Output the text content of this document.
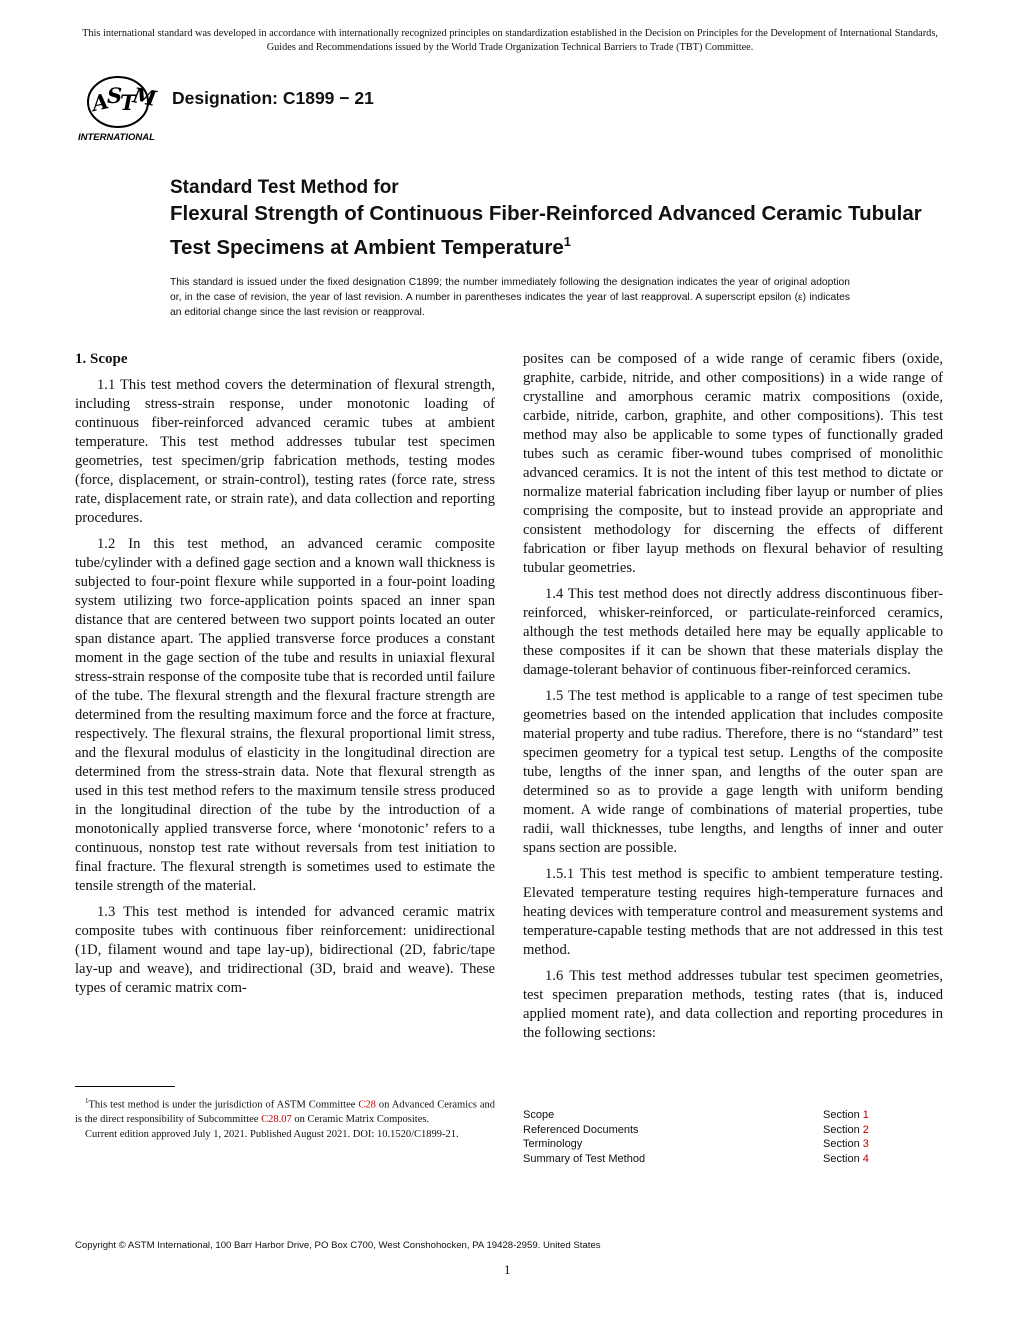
This international standard was developed in accordance with internationally recognized principles on standardization established in the Decision on Principles for the Development of International Standards, Guides and Recommendations issued by the World Trade Organization Technical Barriers to Trade (TBT) Committee.
A
S
T
M
INTERNATIONAL
Designation: C1899 − 21
Standard Test Method for
Flexural Strength of Continuous Fiber-Reinforced Advanced Ceramic Tubular Test Specimens at Ambient Temperature$^1$
This standard is issued under the fixed designation C1899; the number immediately following the designation indicates the year of original adoption or, in the case of revision, the year of last revision. A number in parentheses indicates the year of last reapproval. A superscript epsilon (ε) indicates an editorial change since the last revision or reapproval.
1. Scope

1.1 This test method covers the determination of flexural strength, including stress-strain response, under monotonic loading of continuous fiber-reinforced advanced ceramic tubes at ambient temperature. This test method addresses tubular test specimen geometries, test specimen/grip fabrication methods, testing modes (force, displacement, or strain-control), testing rates (force rate, stress rate, displacement rate, or strain rate), and data collection and reporting procedures.

1.2 In this test method, an advanced ceramic composite tube/cylinder with a defined gage section and a known wall thickness is subjected to four-point flexure while supported in a four-point loading system utilizing two force-application points spaced an inner span distance that are centered between two support points located an outer span distance apart. The applied transverse force produces a constant moment in the gage section of the tube and results in uniaxial flexural stress-strain response of the composite tube that is recorded until failure of the tube. The flexural strength and the flexural fracture strength are determined from the resulting maximum force and the force at fracture, respectively. The flexural strains, the flexural proportional limit stress, and the flexural modulus of elasticity in the longitudinal direction are determined from the stress-strain data. Note that flexural strength as used in this test method refers to the maximum tensile stress produced in the longitudinal direction of the tube by the introduction of a monotonically applied transverse force, where ‘monotonic’ refers to a continuous, nonstop test rate without reversals from test initiation to final fracture. The flexural strength is sometimes used to estimate the tensile strength of the material.

1.3 This test method is intended for advanced ceramic matrix composite tubes with continuous fiber reinforcement: unidirectional (1D, filament wound and tape lay-up), bidirectional (2D, fabric/tape lay-up and weave), and tridirectional (3D, braid and weave). These types of ceramic matrix com-

$^1$This test method is under the jurisdiction of ASTM Committee C28 on Advanced Ceramics and is the direct responsibility of Subcommittee C28.07 on Ceramic Matrix Composites.

Current edition approved July 1, 2021. Published August 2021. DOI: 10.1520/C1899-21.

posites can be composed of a wide range of ceramic fibers (oxide, graphite, carbide, nitride, and other compositions) in a wide range of crystalline and amorphous ceramic matrix compositions (oxide, carbide, nitride, carbon, graphite, and other compositions). This test method may also be applicable to some types of functionally graded tubes such as ceramic fiber-wound tubes comprised of monolithic advanced ceramics. It is not the intent of this test method to dictate or normalize material fabrication including fiber layup or number of plies comprising the composite, but to instead provide an appropriate and consistent methodology for discerning the effects of different fabrication or fiber layup methods on flexural behavior of resulting tubular geometries.

1.4 This test method does not directly address discontinuous fiber-reinforced, whisker-reinforced, or particulate-reinforced ceramics, although the test methods detailed here may be equally applicable to these composites if it can be shown that these materials display the damage-tolerant behavior of continuous fiber-reinforced ceramics.

1.5 The test method is applicable to a range of test specimen tube geometries based on the intended application that includes composite material property and tube radius. Therefore, there is no “standard” test specimen geometry for a typical test setup. Lengths of the composite tube, lengths of the inner span, and lengths of the outer span are determined so as to provide a gage length with uniform bending moment. A wide range of combinations of material properties, tube radii, wall thicknesses, tube lengths, and lengths of inner and outer spans section are possible.

1.5.1 This test method is specific to ambient temperature testing. Elevated temperature testing requires high-temperature furnaces and heating devices with temperature control and measurement systems and temperature-capable testing methods that are not addressed in this test method.

1.6 This test method addresses tubular test specimen geometries, test specimen preparation methods, testing rates (that is, induced applied moment rate), and data collection and reporting procedures in the following sections:

Scope	Section 1
Referenced Documents	Section 2
Terminology	Section 3
Summary of Test Method	Section 4
Copyright © ASTM International, 100 Barr Harbor Drive, PO Box C700, West Conshohocken, PA 19428-2959. United States
1
